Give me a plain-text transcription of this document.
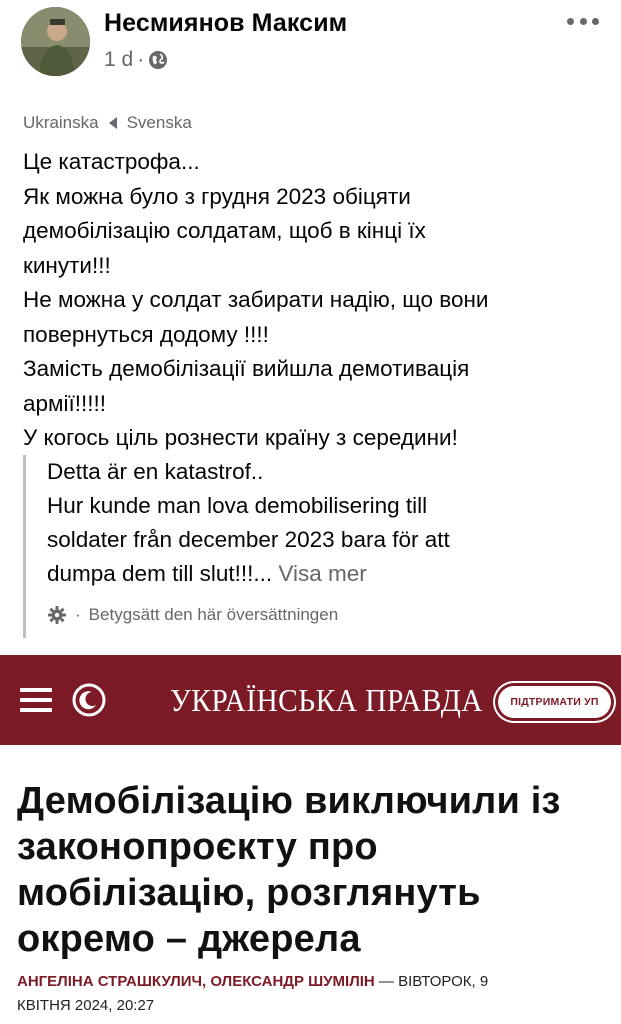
Несмиянов Максим
1 d ·
Ukrainska Svenska
Це катастрофа...
Як можна було з грудня 2023 обіцяти
демобілізацію солдатам, щоб в кінці їх
кинути!!!
Не можна у солдат забирати надію, що вони
повернуться додому !!!!
Замість демобілізації вийшла демотивація
армії!!!!!
У когось ціль рознести країну з середини!
Detta är en katastrof..
Hur kunde man lova demobilisering till
soldater från december 2023 bara för att
dumpa dem till slut!!!... Visa mer
· Betygsätt den här översättningen
УКРАЇНСЬКА ПРАВДА	ПІДТРИМАТИ УП
Демобілізацію виключили із
законопроєкту про
мобілізацію, розглянуть
окремо – джерела
АНГЕЛІНА СТРАШКУЛИЧ, ОЛЕКСАНДР ШУМІЛІН — ВІВТОРОК, 9
КВІТНЯ 2024, 20:27
